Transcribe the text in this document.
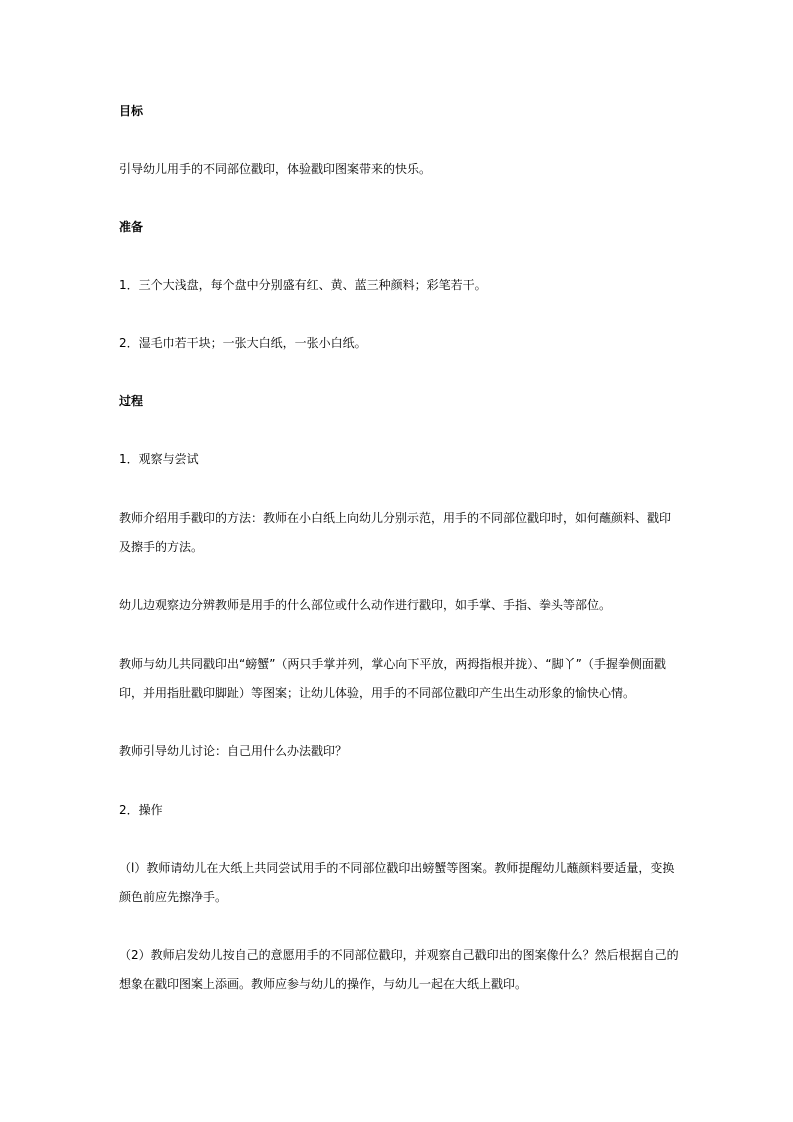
目标
引导幼儿用手的不同部位戳印，体验戳印图案带来的快乐。
准备
1．三个大浅盘，每个盘中分别盛有红、黄、蓝三种颜料；彩笔若干。
2．湿毛巾若干块；一张大白纸，一张小白纸。
过程
1．观察与尝试
教师介绍用手戳印的方法：教师在小白纸上向幼儿分别示范，用手的不同部位戳印时，如何蘸颜料、戳印
及擦手的方法。
幼儿边观察边分辨教师是用手的什么部位或什么动作进行戳印，如手掌、手指、拳头等部位。
教师与幼儿共同戳印出“螃蟹”（两只手掌并列，掌心向下平放，两拇指根并拢）、“脚丫”（手握拳侧面戳
印，并用指肚戳印脚趾）等图案；让幼儿体验，用手的不同部位戳印产生出生动形象的愉快心情。
教师引导幼儿讨论：自己用什么办法戳印？
2．操作
（l）教师请幼儿在大纸上共同尝试用手的不同部位戳印出螃蟹等图案。教师提醒幼儿蘸颜料要适量，变换
颜色前应先擦净手。
（2）教师启发幼儿按自己的意愿用手的不同部位戳印，并观察自己戳印出的图案像什么？然后根据自己的
想象在戳印图案上添画。教师应参与幼儿的操作，与幼儿一起在大纸上戳印。
